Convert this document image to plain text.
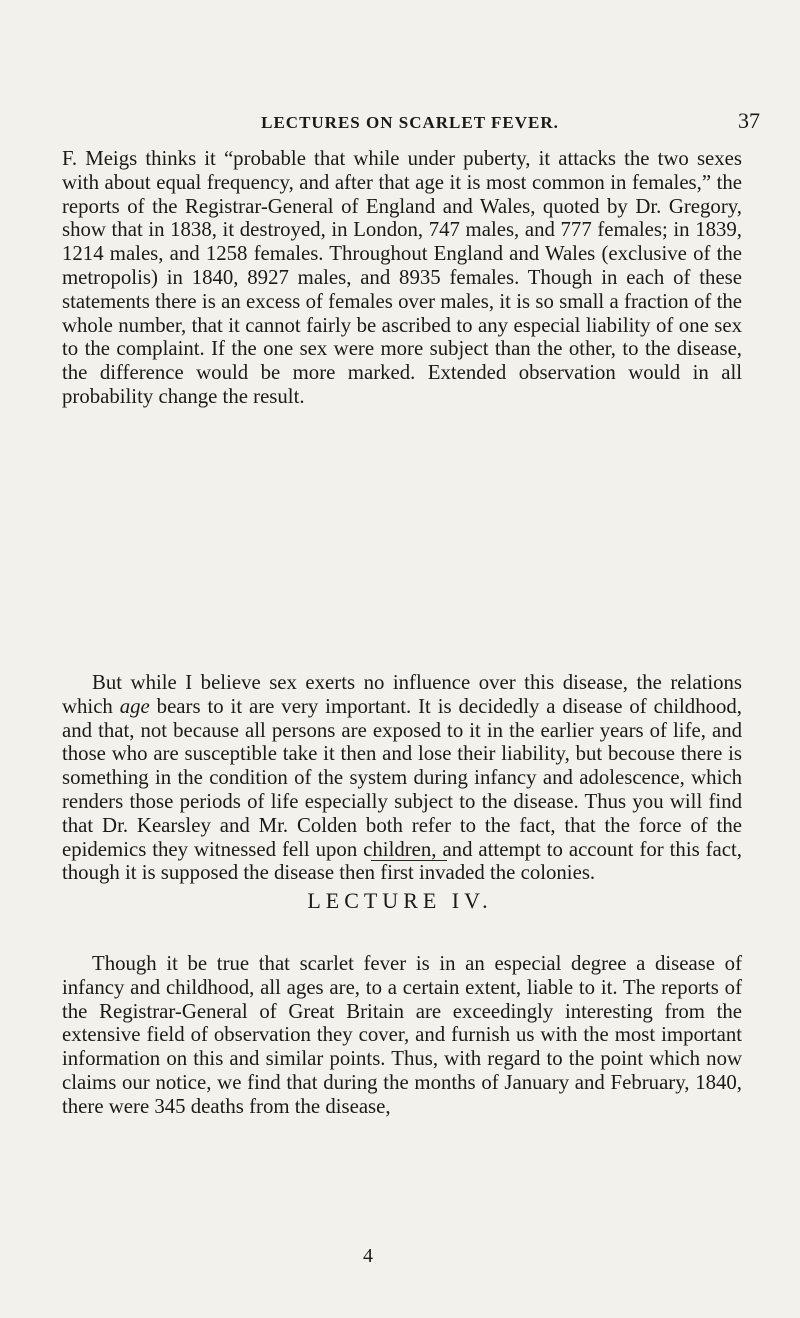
LECTURES ON SCARLET FEVER.	37

F. Meigs thinks it “probable that while under puberty, it attacks the two sexes with about equal frequency, and after that age it is most common in females,” the reports of the Registrar-General of England and Wales, quoted by Dr. Gregory, show that in 1838, it destroyed, in London, 747 males, and 777 females; in 1839, 1214 males, and 1258 females. Throughout England and Wales (exclusive of the metropolis) in 1840, 8927 males, and 8935 females. Though in each of these statements there is an excess of females over males, it is so small a fraction of the whole number, that it cannot fairly be ascribed to any especial liability of one sex to the complaint. If the one sex were more subject than the other, to the disease, the difference would be more marked. Extended observation would in all probability change the result.

But while I believe sex exerts no influence over this disease, the relations which age bears to it are very important. It is decidedly a disease of childhood, and that, not because all persons are exposed to it in the earlier years of life, and those who are susceptible take it then and lose their liability, but becouse there is something in the condition of the system during infancy and adolescence, which renders those periods of life especially subject to the disease. Thus you will find that Dr. Kearsley and Mr. Colden both refer to the fact, that the force of the epidemics they witnessed fell upon children, and attempt to account for this fact, though it is supposed the disease then first invaded the colonies.

LECTURE IV.

Though it be true that scarlet fever is in an especial degree a disease of infancy and childhood, all ages are, to a certain extent, liable to it. The reports of the Registrar-General of Great Britain are exceedingly interesting from the extensive field of observation they cover, and furnish us with the most important information on this and similar points. Thus, with regard to the point which now claims our notice, we find that during the months of January and February, 1840, there were 345 deaths from the disease,

4
